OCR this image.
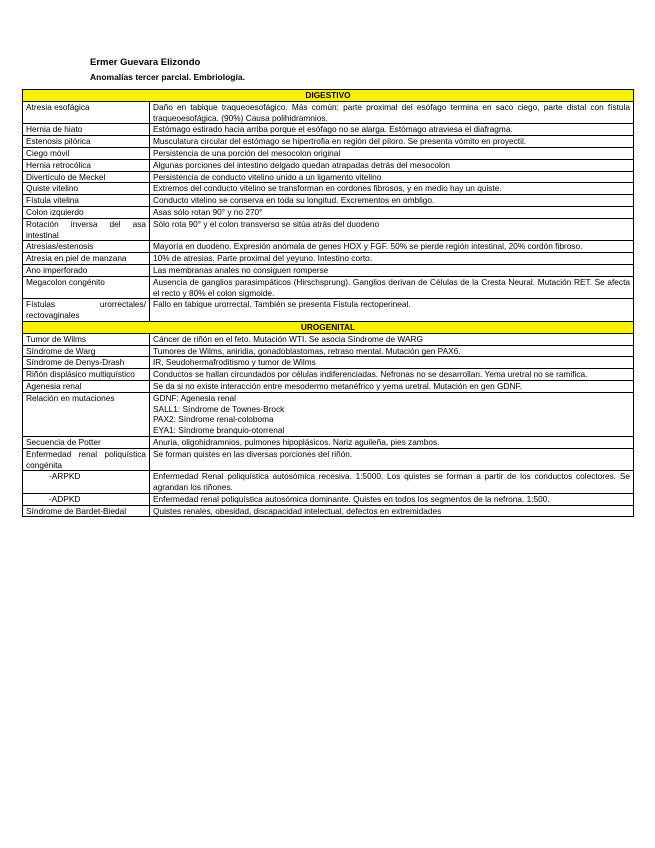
Ermer Guevara Elizondo

Anomalías tercer parcial. Embriología.

DIGESTIVO	
Atresia esofágica	Daño en tabique traqueoesofágico. Más común: parte proximal del esófago termina en saco ciego, parte distal con fístula traqueoesofágica. (90%) Causa polihidramnios.
Hernia de hiato	Estómago estirado hacia arriba porque el esófago no se alarga. Estómago atraviesa el diafragma.
Estenosis pilórica	Musculatura circular del estómago se hipertrofia en región del píloro. Se presenta vómito en proyectil.
Ciego móvil	Persistencia de una porción del mesocolon original
Hernia retrocólica	Algunas porciones del intestino delgado quedan atrapadas detrás del mesocolon
Divertículo de Meckel	Persistencia de conducto vitelino unido a un ligamento vitelino
Quiste vitelino	Extremos del conducto vitelino se transforman en cordones fibrosos, y en medio hay un quiste.
Fístula vitelina	Conducto vitelino se conserva en toda su longitud. Excrementos en ombligo.
Colon izquierdo	Asas sólo rotan 90° y no 270°
Rotación inversa del asa intestinal	Sólo rota 90° y el colon transverso se sitúa atrás del duodeno
Atresias/estenosis	Mayoría en duodeno. Expresión anómala de genes HOX y FGF. 50% se pierde región intestinal, 20% cordón fibroso.
Atresia en piel de manzana	10% de atresias. Parte proximal del yeyuno. Intestino corto.
Ano imperforado	Las membranas anales no consiguen romperse
Megacolon congénito	Ausencia de ganglios parasimpáticos (Hirschsprung). Ganglios derivan de Células de la Cresta Neural. Mutación RET. Se afecta el recto y 80% el colon sigmoide.
Fístulas urorrectales/ rectovaginales	Fallo en tabique urorrectal. También se presenta Fístula rectoperineal.
UROGENITAL	
Tumor de Wilms	Cáncer de riñón en el feto. Mutación WTI. Se asocia Síndrome de WARG
Síndrome de Warg	Tumores de Wilms, aniridia, gonadoblastomas, retraso mental. Mutación gen PAX6.
Síndrome de Denys-Drash	IR, Seudohermafroditismo y tumor de Wilms
Riñón displásico multiquístico	Conductos se hallan circundados por células indiferenciadas. Nefronas no se desarrollan. Yema uretral no se ramifica.
Agenesia renal	Se da si no existe interacción entre mesodermo metanéfrico y yema uretral. Mutación en gen GDNF.
Relación en mutaciones	GDNF: Agenesia renal
SALL1: Síndrome de Townes-Brock
PAX2: Síndrome renal-coloboma
EYA1: Síndrome branquio-otorrenal

Secuencia de Potter	Anuria, oligohidramnios, pulmones hipoplásicos. Nariz aguileña, pies zambos.
Enfermedad renal poliquística congénita	Se forman quistes en las diversas porciones del riñón.
-ARPKD	Enfermedad Renal poliquística autosómica recesiva. 1:5000. Los quistes se forman a partir de los conductos colectores. Se agrandan los riñones.
-ADPKD	Enfermedad renal poliquística autosómica dominante. Quistes en todos los segmentos de la nefrona. 1:500.
Síndrome de Bardet-Biedal	Quistes renales, obesidad, discapacidad intelectual, defectos en extremidades
